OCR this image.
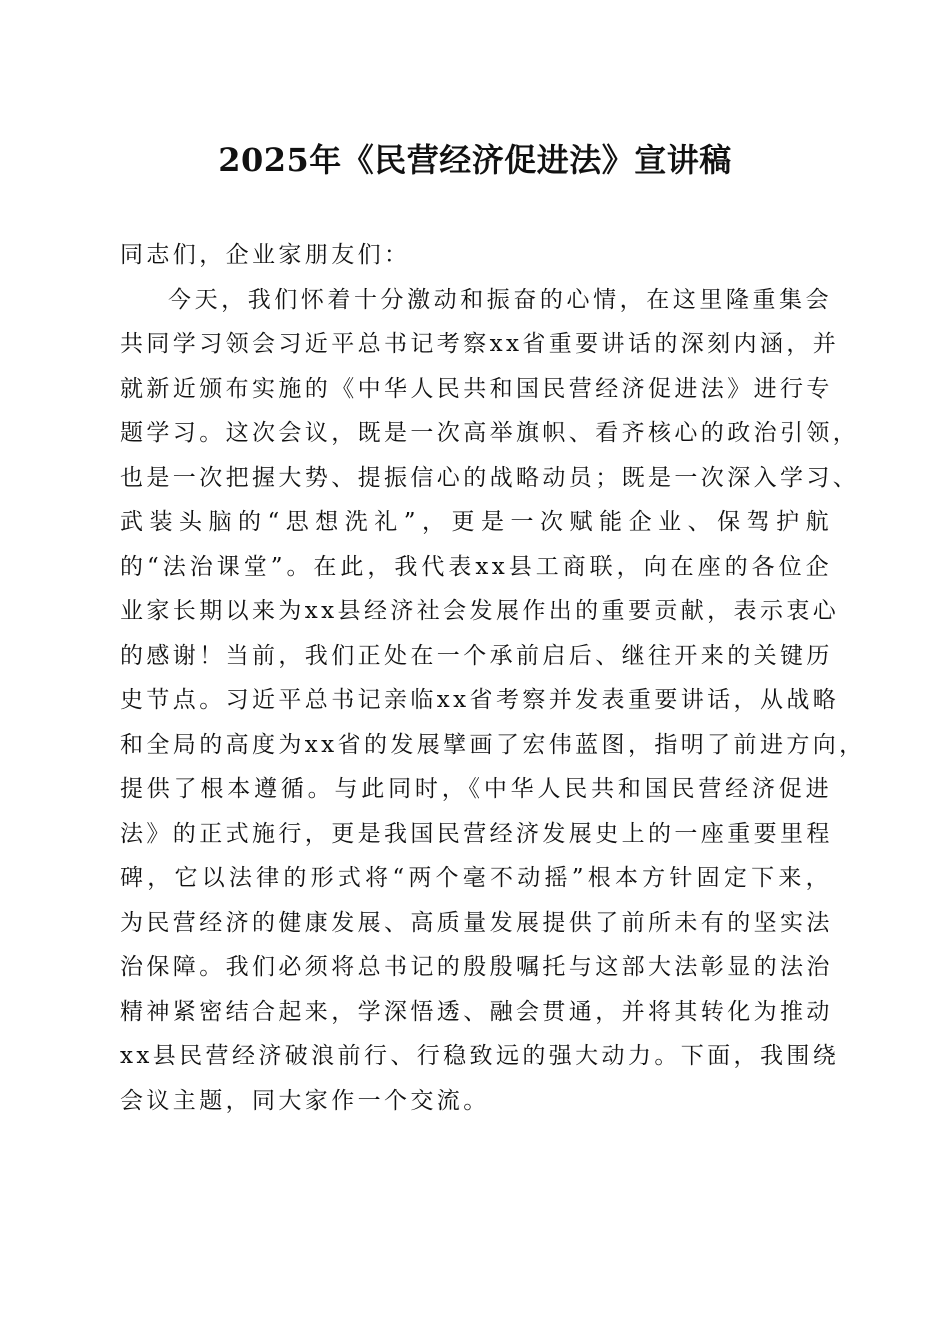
2025年《民营经济促进法》宣讲稿
同志们，企业家朋友们：
今天，我们怀着十分激动和振奋的心情，在这里隆重集会
共同学习领会习近平总书记考察xx省重要讲话的深刻内涵，并
就新近颁布实施的《中华人民共和国民营经济促进法》进行专
题学习。这次会议，既是一次高举旗帜、看齐核心的政治引领，
也是一次把握大势、提振信心的战略动员；既是一次深入学习、
武装头脑的“思想洗礼”，更是一次赋能企业、保驾护航
的“法治课堂”。在此，我代表xx县工商联，向在座的各位企
业家长期以来为xx县经济社会发展作出的重要贡献，表示衷心
的感谢！当前，我们正处在一个承前启后、继往开来的关键历
史节点。习近平总书记亲临xx省考察并发表重要讲话，从战略
和全局的高度为xx省的发展擘画了宏伟蓝图，指明了前进方向，
提供了根本遵循。与此同时，《中华人民共和国民营经济促进
法》的正式施行，更是我国民营经济发展史上的一座重要里程
碑，它以法律的形式将“两个毫不动摇”根本方针固定下来，
为民营经济的健康发展、高质量发展提供了前所未有的坚实法
治保障。我们必须将总书记的殷殷嘱托与这部大法彰显的法治
精神紧密结合起来，学深悟透、融会贯通，并将其转化为推动
xx县民营经济破浪前行、行稳致远的强大动力。下面，我围绕
会议主题，同大家作一个交流。
